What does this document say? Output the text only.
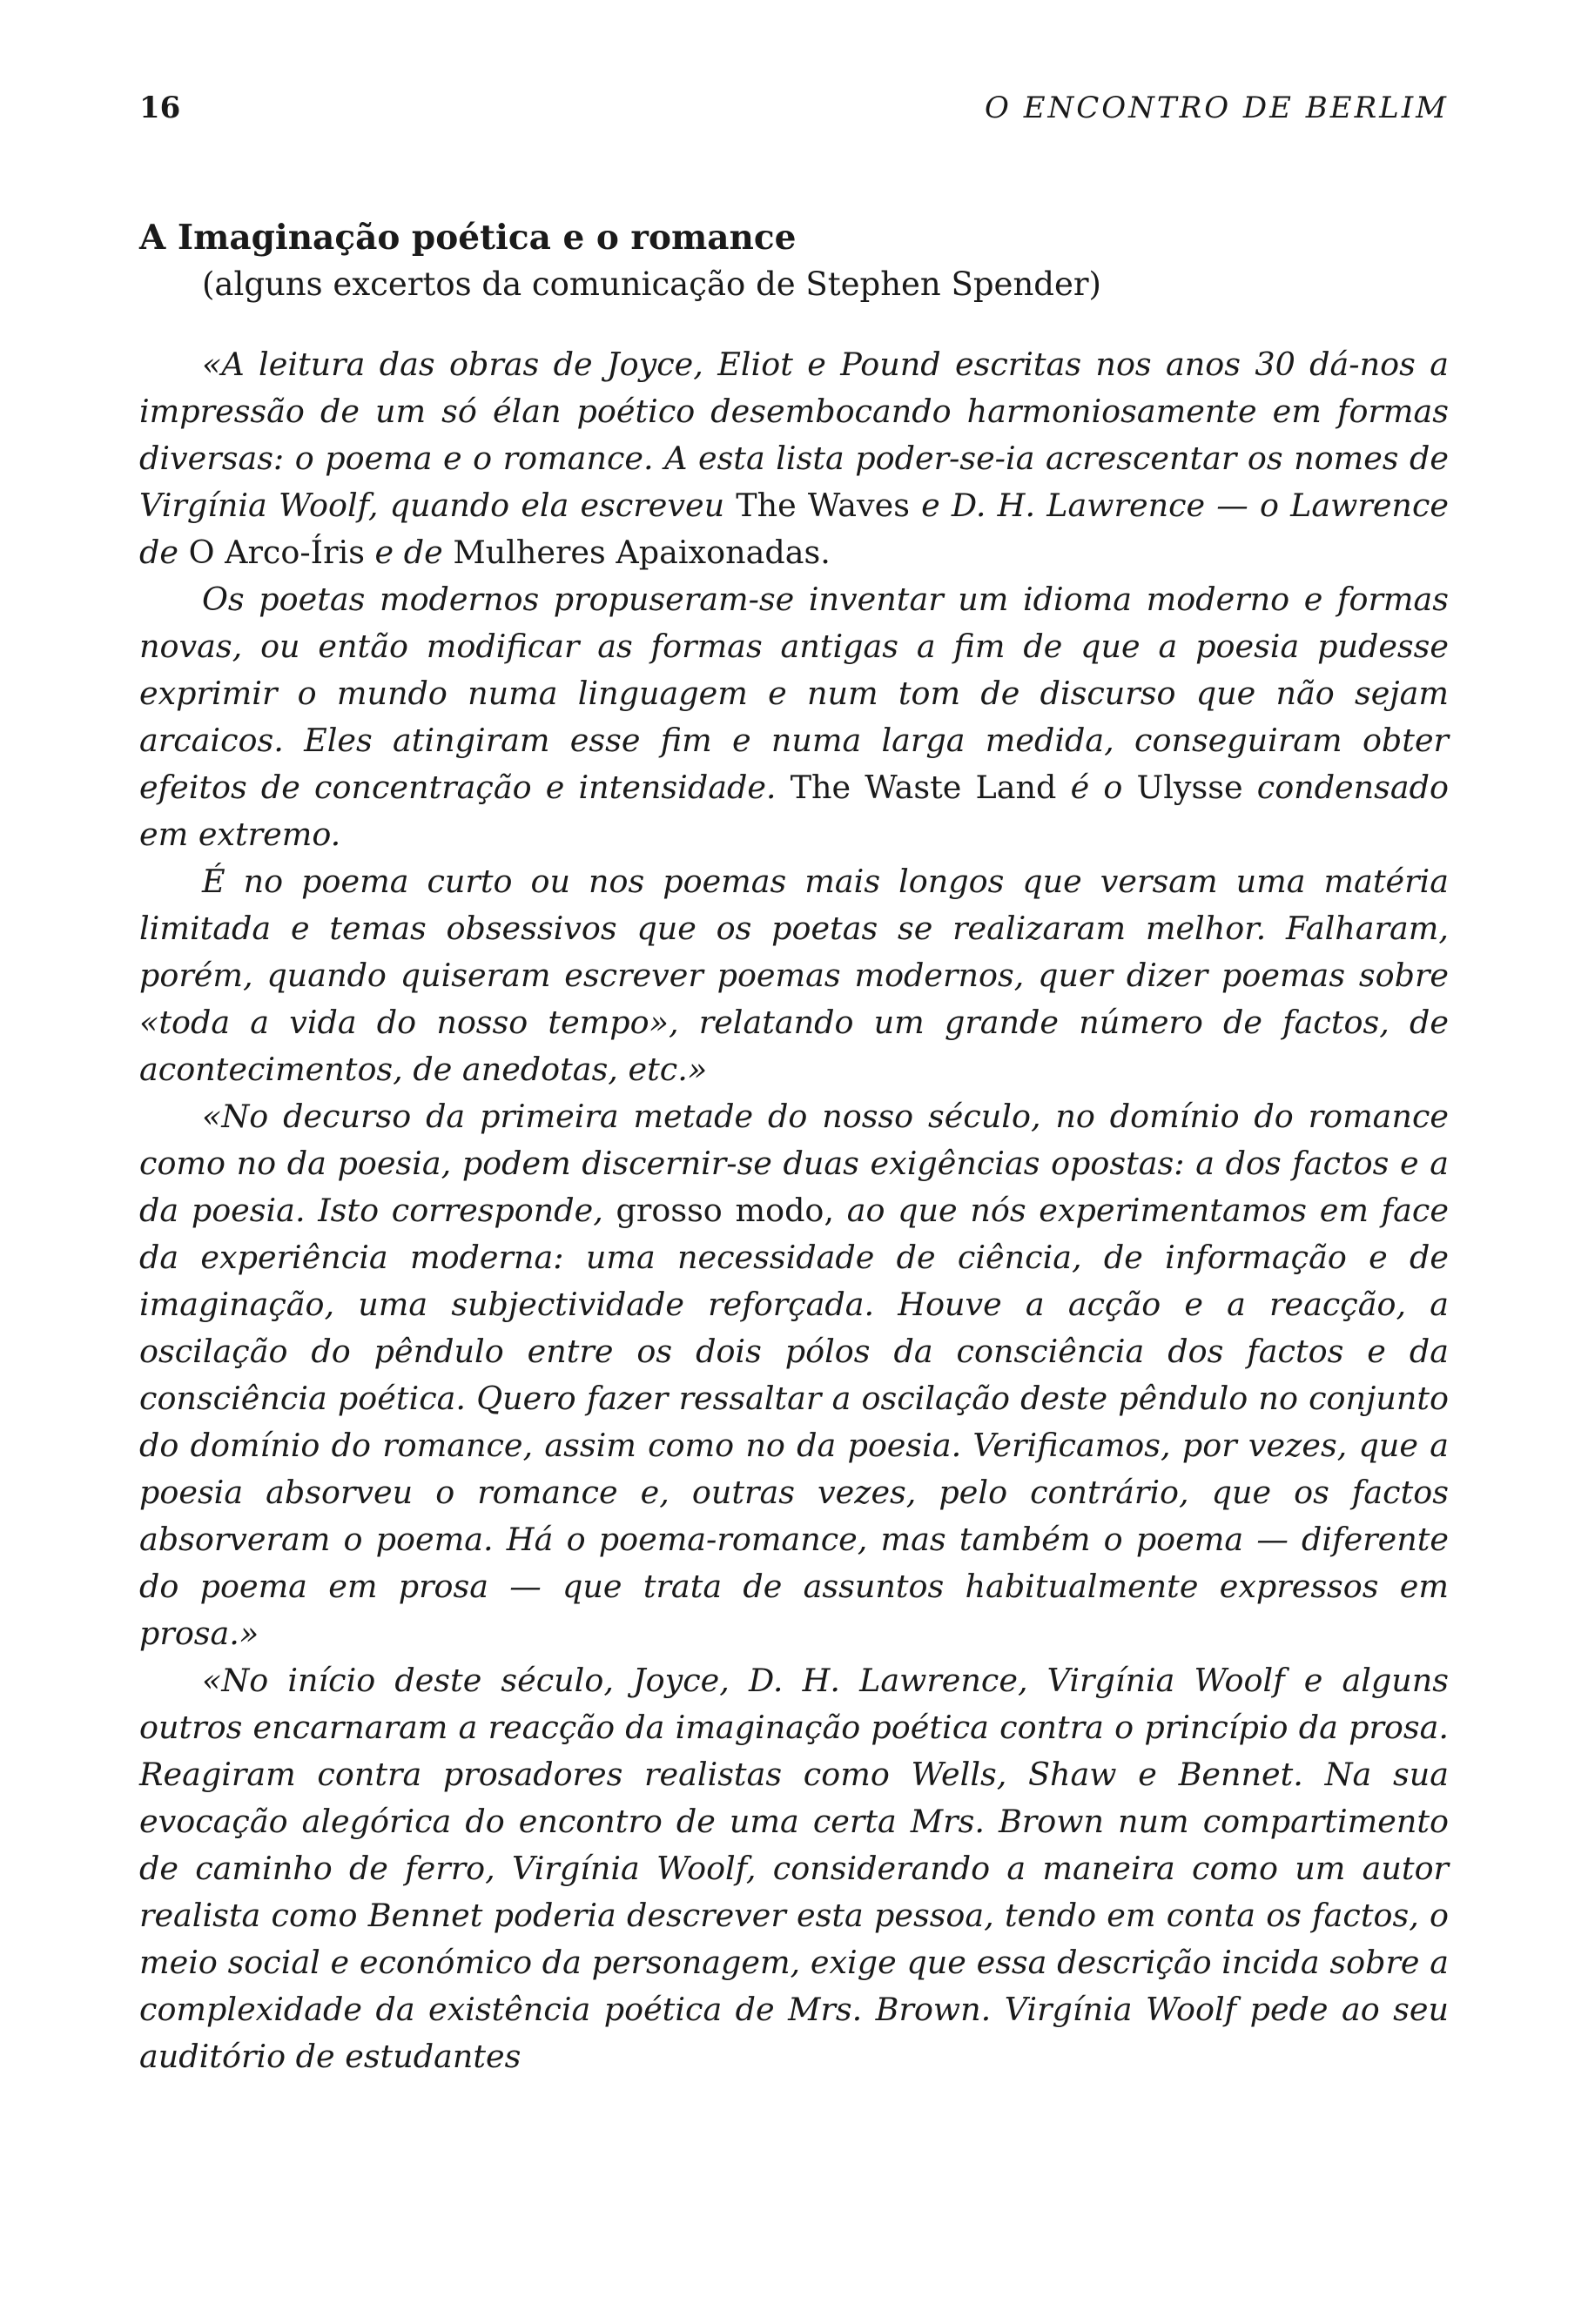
16	O ENCONTRO DE BERLIM
A Imaginação poética e o romance

(alguns excertos da comunicação de Stephen Spender)

«A leitura das obras de Joyce, Eliot e Pound escritas nos anos 30 dá-nos a impressão de um só élan poético desembocando harmoniosamente em formas diversas: o poema e o romance. A esta lista poder-se-ia acrescentar os nomes de Virgínia Woolf, quando ela escreveu The Waves e D. H. Lawrence — o Lawrence de O Arco-Íris e de Mulheres Apaixonadas.

Os poetas modernos propuseram-se inventar um idioma moderno e formas novas, ou então modificar as formas antigas a fim de que a poesia pudesse exprimir o mundo numa linguagem e num tom de discurso que não sejam arcaicos. Eles atingiram esse fim e numa larga medida, conseguiram obter efeitos de concentração e intensidade. The Waste Land é o Ulysse condensado em extremo.

É no poema curto ou nos poemas mais longos que versam uma matéria limitada e temas obsessivos que os poetas se realizaram melhor. Falharam, porém, quando quiseram escrever poemas modernos, quer dizer poemas sobre «toda a vida do nosso tempo», relatando um grande número de factos, de acontecimentos, de anedotas, etc.»

«No decurso da primeira metade do nosso século, no domínio do romance como no da poesia, podem discernir-se duas exigências opostas: a dos factos e a da poesia. Isto corresponde, grosso modo, ao que nós experimentamos em face da experiência moderna: uma necessidade de ciência, de informação e de imaginação, uma subjectividade reforçada. Houve a acção e a reacção, a oscilação do pêndulo entre os dois pólos da consciência dos factos e da consciência poética. Quero fazer ressaltar a oscilação deste pêndulo no conjunto do domínio do romance, assim como no da poesia. Verificamos, por vezes, que a poesia absorveu o romance e, outras vezes, pelo contrário, que os factos absorveram o poema. Há o poema-romance, mas também o poema — diferente do poema em prosa — que trata de assuntos habitualmente expressos em prosa.»

«No início deste século, Joyce, D. H. Lawrence, Virgínia Woolf e alguns outros encarnaram a reacção da imaginação poética contra o princípio da prosa. Reagiram contra prosadores realistas como Wells, Shaw e Bennet. Na sua evocação alegórica do encontro de uma certa Mrs. Brown num compartimento de caminho de ferro, Virgínia Woolf, considerando a maneira como um autor realista como Bennet poderia descrever esta pessoa, tendo em conta os factos, o meio social e económico da personagem, exige que essa descrição incida sobre a complexidade da existência poética de Mrs. Brown. Virgínia Woolf pede ao seu auditório de estudantes
